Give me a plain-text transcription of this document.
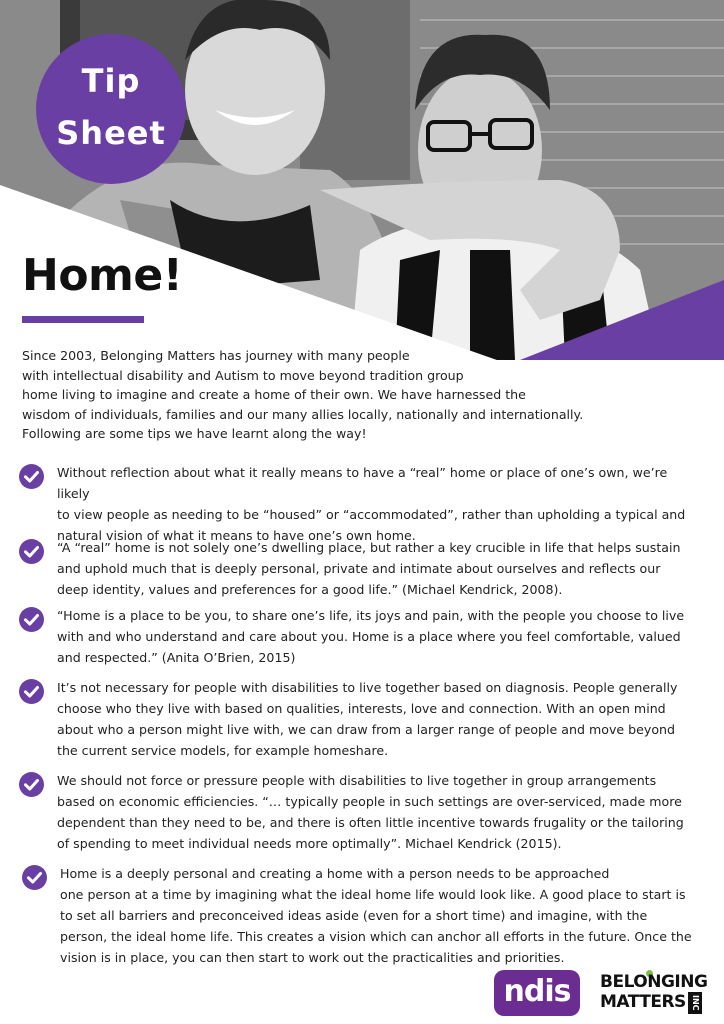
Tip
Sheet
Home!

Since 2003, Belonging Matters has journey with many people

with intellectual disability and Autism to move beyond tradition group

home living to imagine and create a home of their own. We have harnessed the

wisdom of individuals, families and our many allies locally, nationally and internationally.

Following are some tips we have learnt along the way!

Without reflection about what it really means to have a “real” home or place of one’s own, we’re likely
to view people as needing to be “housed” or “accommodated”, rather than upholding a typical and
natural vision of what it means to have one’s own home.
“A “real” home is not solely one’s dwelling place, but rather a key crucible in life that helps sustain
and uphold much that is deeply personal, private and intimate about ourselves and reflects our
deep identity, values and preferences for a good life.” (Michael Kendrick, 2008).
“Home is a place to be you, to share one’s life, its joys and pain, with the people you choose to live
with and who understand and care about you. Home is a place where you feel comfortable, valued
and respected.” (Anita O’Brien, 2015)
It’s not necessary for people with disabilities to live together based on diagnosis. People generally
choose who they live with based on qualities, interests, love and connection. With an open mind
about who a person might live with, we can draw from a larger range of people and move beyond
the current service models, for example homeshare.
We should not force or pressure people with disabilities to live together in group arrangements
based on economic efficiencies. “… typically people in such settings are over-serviced, made more
dependent than they need to be, and there is often little incentive towards frugality or the tailoring
of spending to meet individual needs more optimally”. Michael Kendrick (2015).
Home is a deeply personal and creating a home with a person needs to be approached
one person at a time by imagining what the ideal home life would look like. A good place to start is
to set all barriers and preconceived ideas aside (even for a short time) and imagine, with the
person, the ideal home life. This creates a vision which can anchor all efforts in the future. Once the
vision is in place, you can then start to work out the practicalities and priorities.
ndis	BELONGING
MATTERS INC
